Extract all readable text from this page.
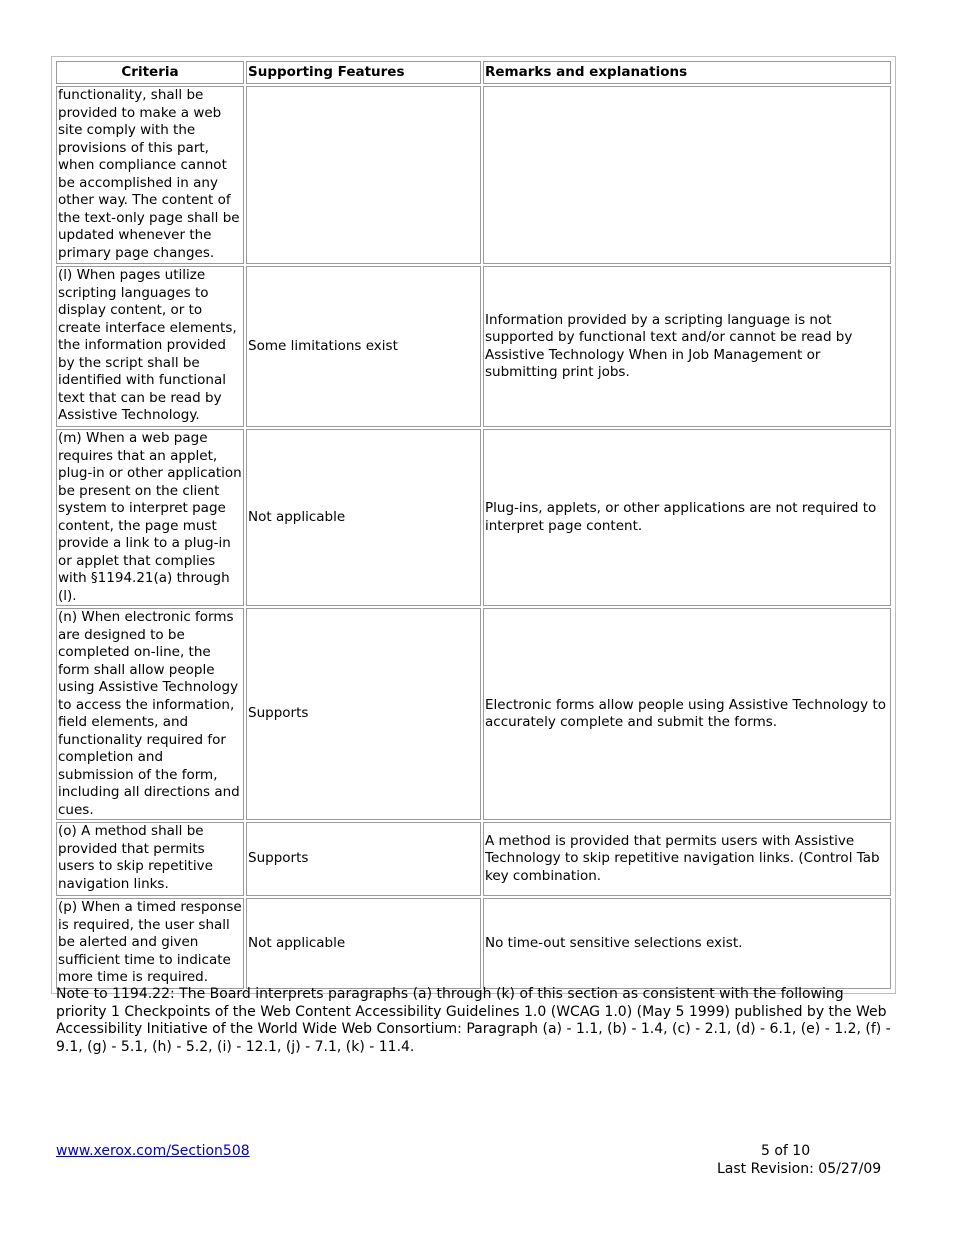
Criteria	Supporting Features	Remarks and explanations
functionality, shall be provided to make a web site comply with the provisions of this part, when compliance cannot be accomplished in any other way. The content of the text-only page shall be updated whenever the primary page changes.		
(l) When pages utilize scripting languages to display content, or to create interface elements, the information provided by the script shall be identified with functional text that can be read by Assistive Technology.	Some limitations exist	Information provided by a scripting language is not supported by functional text and/or cannot be read by Assistive Technology When in Job Management or submitting print jobs.
(m) When a web page requires that an applet, plug-in or other application be present on the client system to interpret page content, the page must provide a link to a plug-in or applet that complies with §1194.21(a) through (l).	Not applicable	Plug-ins, applets, or other applications are not required to interpret page content.
(n) When electronic forms are designed to be completed on-line, the form shall allow people using Assistive Technology to access the information, field elements, and functionality required for completion and submission of the form, including all directions and cues.	Supports	Electronic forms allow people using Assistive Technology to accurately complete and submit the forms.
(o) A method shall be provided that permits users to skip repetitive navigation links.	Supports	A method is provided that permits users with Assistive Technology to skip repetitive navigation links. (Control Tab key combination.
(p) When a timed response is required, the user shall be alerted and given sufficient time to indicate more time is required.	Not applicable	No time-out sensitive selections exist.
Note to 1194.22: The Board interprets paragraphs (a) through (k) of this section as consistent with the following priority 1 Checkpoints of the Web Content Accessibility Guidelines 1.0 (WCAG 1.0) (May 5 1999) published by the Web Accessibility Initiative of the World Wide Web Consortium: Paragraph (a) - 1.1, (b) - 1.4, (c) - 2.1, (d) - 6.1, (e) - 1.2, (f) - 9.1, (g) - 5.1, (h) - 5.2, (i) - 12.1, (j) - 7.1, (k) - 11.4.
www.xerox.com/Section508	5 of 10
Last Revision: 05/27/09
